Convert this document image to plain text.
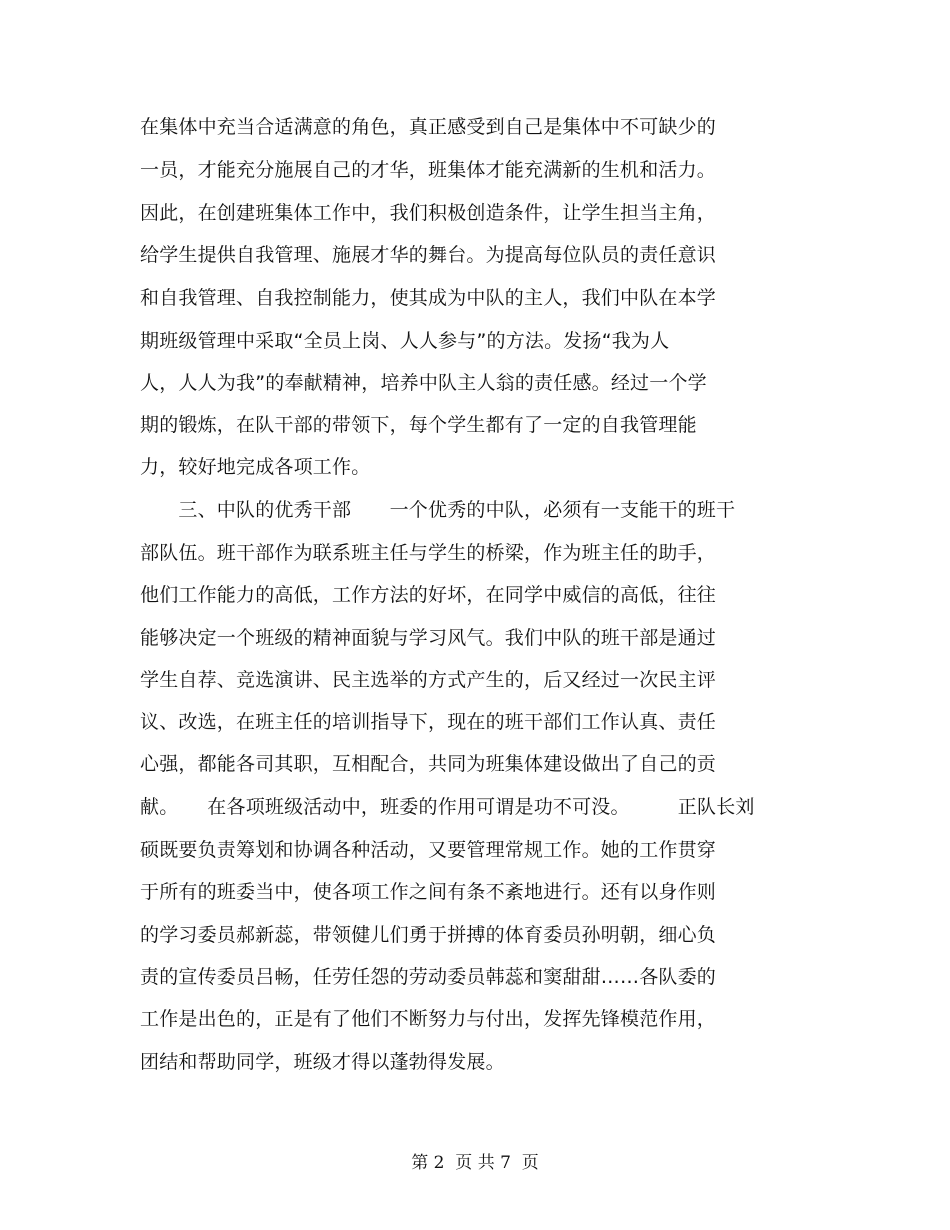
在集体中充当合适满意的角色，真正感受到自己是集体中不可缺少的
一员，才能充分施展自己的才华，班集体才能充满新的生机和活力。
因此，在创建班集体工作中，我们积极创造条件，让学生担当主角，
给学生提供自我管理、施展才华的舞台。为提高每位队员的责任意识
和自我管理、自我控制能力，使其成为中队的主人，我们中队在本学
期班级管理中采取“全员上岗、人人参与”的方法。发扬“我为人
人，人人为我”的奉献精神，培养中队主人翁的责任感。经过一个学
期的锻炼，在队干部的带领下，每个学生都有了一定的自我管理能
力，较好地完成各项工作。
　　三、中队的优秀干部　　一个优秀的中队，必须有一支能干的班干
部队伍。班干部作为联系班主任与学生的桥梁，作为班主任的助手，
他们工作能力的高低，工作方法的好坏，在同学中威信的高低，往往
能够决定一个班级的精神面貌与学习风气。我们中队的班干部是通过
学生自荐、竞选演讲、民主选举的方式产生的，后又经过一次民主评
议、改选，在班主任的培训指导下，现在的班干部们工作认真、责任
心强，都能各司其职，互相配合，共同为班集体建设做出了自己的贡
献。　　在各项班级活动中，班委的作用可谓是功不可没。　　　正队长刘
硕既要负责筹划和协调各种活动，又要管理常规工作。她的工作贯穿
于所有的班委当中，使各项工作之间有条不紊地进行。还有以身作则
的学习委员郝新蕊，带领健儿们勇于拼搏的体育委员孙明朝，细心负
责的宣传委员吕畅，任劳任怨的劳动委员韩蕊和窦甜甜……各队委的
工作是出色的，正是有了他们不断努力与付出，发挥先锋模范作用，
团结和帮助同学，班级才得以蓬勃得发展。
第 2  页 共 7  页
